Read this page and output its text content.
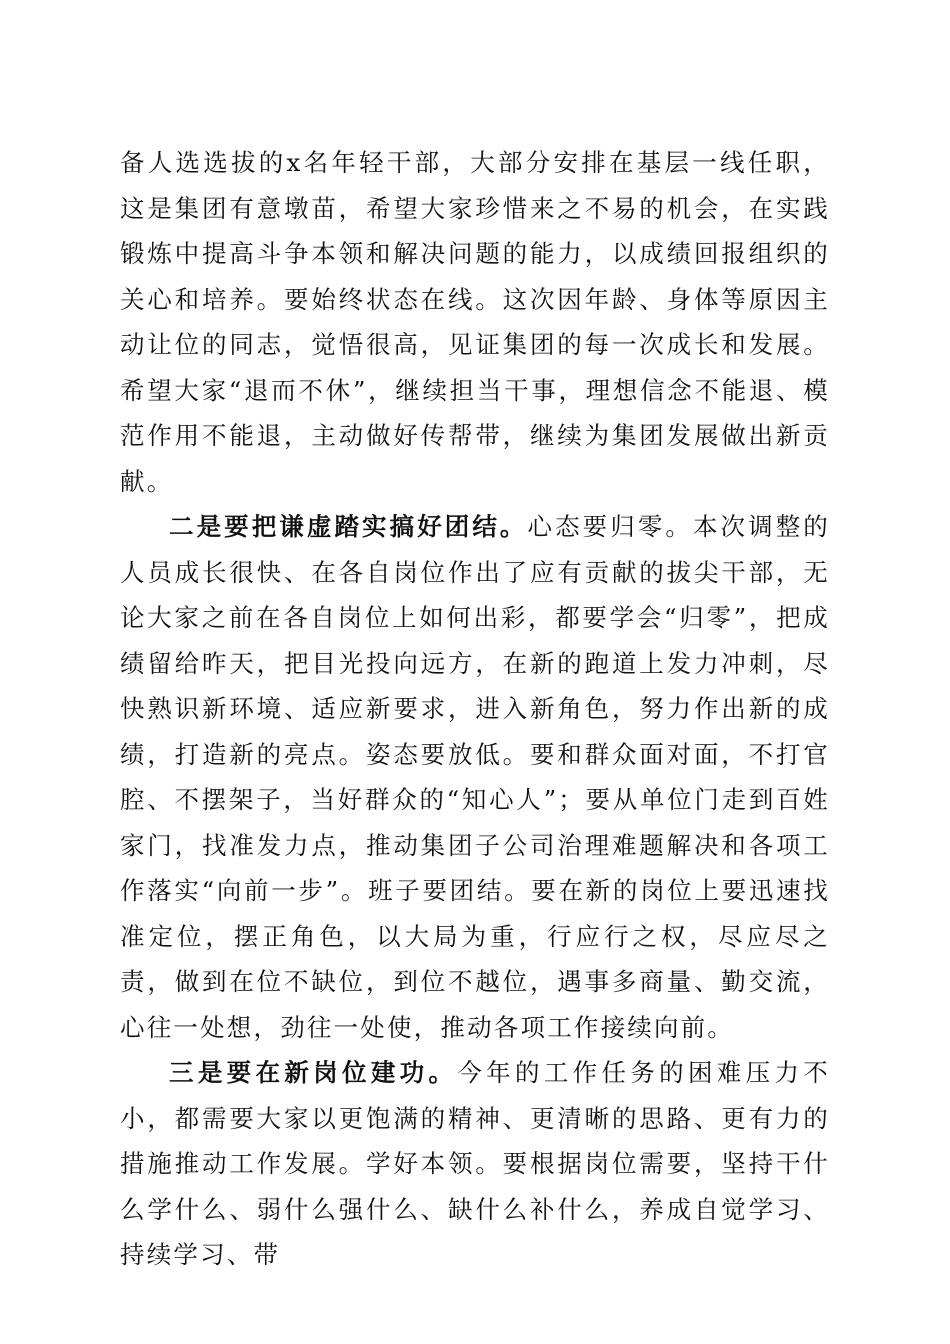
备人选选拔的x名年轻干部，大部分安排在基层一线任职，这是集团有意墩苗，希望大家珍惜来之不易的机会，在实践锻炼中提高斗争本领和解决问题的能力，以成绩回报组织的关心和培养。要始终状态在线。这次因年龄、身体等原因主动让位的同志，觉悟很高，见证集团的每一次成长和发展。希望大家“退而不休”，继续担当干事，理想信念不能退、模范作用不能退，主动做好传帮带，继续为集团发展做出新贡献。

二是要把谦虚踏实搞好团结。心态要归零。本次调整的人员成长很快、在各自岗位作出了应有贡献的拔尖干部，无论大家之前在各自岗位上如何出彩，都要学会“归零”，把成绩留给昨天，把目光投向远方，在新的跑道上发力冲刺，尽快熟识新环境、适应新要求，进入新角色，努力作出新的成绩，打造新的亮点。姿态要放低。要和群众面对面，不打官腔、不摆架子，当好群众的“知心人”；要从单位门走到百姓家门，找准发力点，推动集团子公司治理难题解决和各项工作落实“向前一步”。班子要团结。要在新的岗位上要迅速找准定位，摆正角色，以大局为重，行应行之权，尽应尽之责，做到在位不缺位，到位不越位，遇事多商量、勤交流，心往一处想，劲往一处使，推动各项工作接续向前。

三是要在新岗位建功。今年的工作任务的困难压力不小，都需要大家以更饱满的精神、更清晰的思路、更有力的措施推动工作发展。学好本领。要根据岗位需要，坚持干什么学什么、弱什么强什么、缺什么补什么，养成自觉学习、持续学习、带
